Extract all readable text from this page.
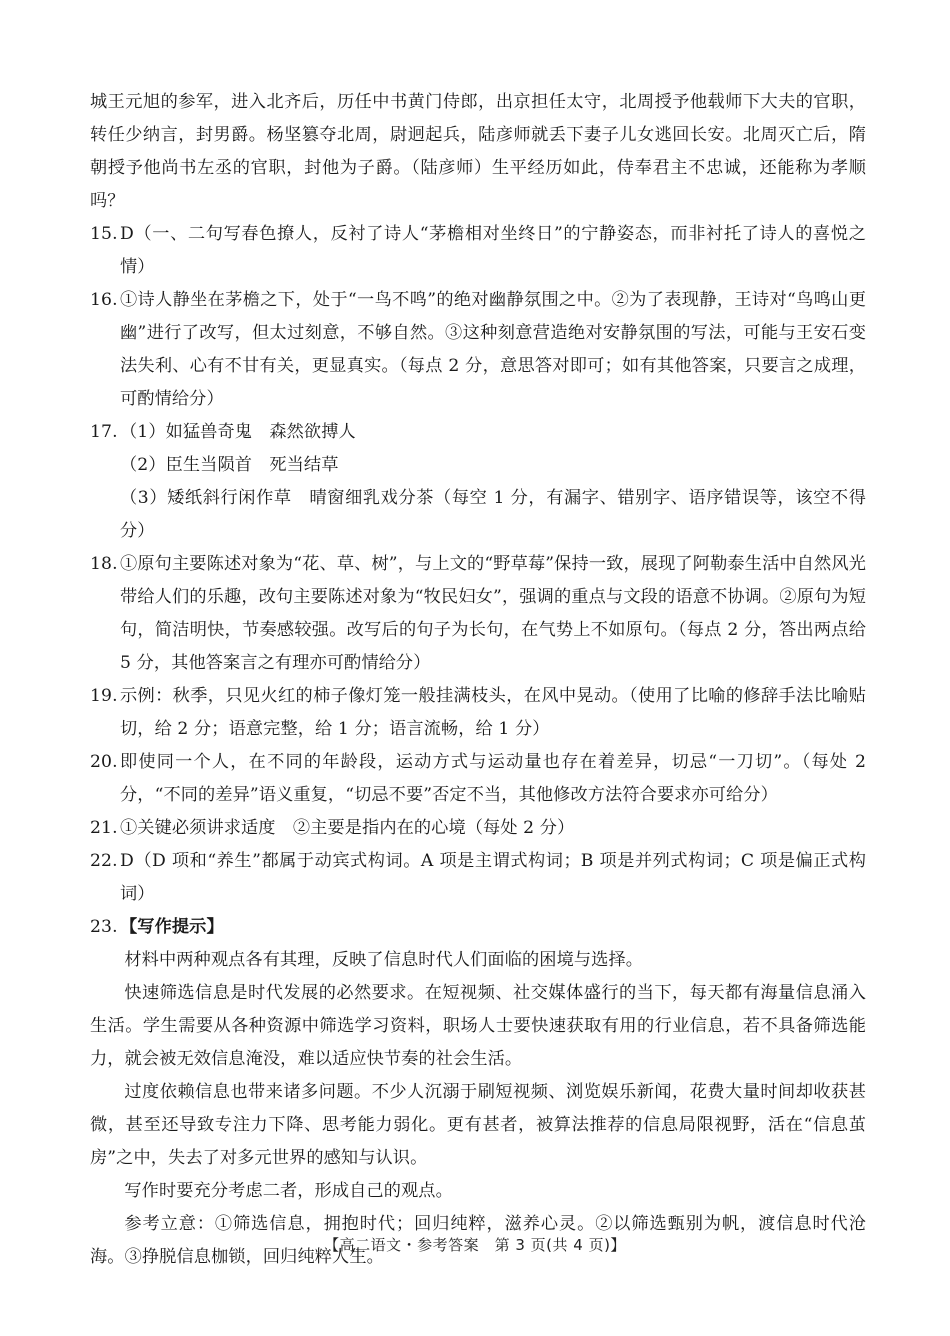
城王元旭的参军，进入北齐后，历任中书黄门侍郎，出京担任太守，北周授予他载师下大夫的官职，转任少纳言，封男爵。杨坚篡夺北周，尉迥起兵，陆彦师就丢下妻子儿女逃回长安。北周灭亡后，隋朝授予他尚书左丞的官职，封他为子爵。（陆彦师）生平经历如此，侍奉君主不忠诚，还能称为孝顺吗？

15. D（一、二句写春色撩人，反衬了诗人“茅檐相对坐终日”的宁静姿态，而非衬托了诗人的喜悦之情）
16. ①诗人静坐在茅檐之下，处于“一鸟不鸣”的绝对幽静氛围之中。②为了表现静，王诗对“鸟鸣山更幽”进行了改写，但太过刻意，不够自然。③这种刻意营造绝对安静氛围的写法，可能与王安石变法失利、心有不甘有关，更显真实。（每点 2 分，意思答对即可；如有其他答案，只要言之成理，可酌情给分）
17. （1）如猛兽奇鬼　森然欲搏人
（2）臣生当陨首　死当结草
（3）矮纸斜行闲作草　晴窗细乳戏分茶（每空 1 分，有漏字、错别字、语序错误等，该空不得分）
18. ①原句主要陈述对象为“花、草、树”，与上文的“野草莓”保持一致，展现了阿勒泰生活中自然风光带给人们的乐趣，改句主要陈述对象为“牧民妇女”，强调的重点与文段的语意不协调。②原句为短句，简洁明快，节奏感较强。改写后的句子为长句，在气势上不如原句。（每点 2 分，答出两点给 5 分，其他答案言之有理亦可酌情给分）
19. 示例：秋季，只见火红的柿子像灯笼一般挂满枝头，在风中晃动。（使用了比喻的修辞手法比喻贴切，给 2 分；语意完整，给 1 分；语言流畅，给 1 分）
20. 即使同一个人，在不同的年龄段，运动方式与运动量也存在着差异，切忌“一刀切”。（每处 2 分，“不同的差异”语义重复，“切忌不要”否定不当，其他修改方法符合要求亦可给分）
21. ①关键必须讲求适度　②主要是指内在的心境（每处 2 分）
22. D（D 项和“养生”都属于动宾式构词。A 项是主谓式构词；B 项是并列式构词；C 项是偏正式构词）
23. 【写作提示】

材料中两种观点各有其理，反映了信息时代人们面临的困境与选择。

快速筛选信息是时代发展的必然要求。在短视频、社交媒体盛行的当下，每天都有海量信息涌入生活。学生需要从各种资源中筛选学习资料，职场人士要快速获取有用的行业信息，若不具备筛选能力，就会被无效信息淹没，难以适应快节奏的社会生活。

过度依赖信息也带来诸多问题。不少人沉溺于刷短视频、浏览娱乐新闻，花费大量时间却收获甚微，甚至还导致专注力下降、思考能力弱化。更有甚者，被算法推荐的信息局限视野，活在“信息茧房”之中，失去了对多元世界的感知与认识。

写作时要充分考虑二者，形成自己的观点。

参考立意：①筛选信息，拥抱时代；回归纯粹，滋养心灵。②以筛选甄别为帆，渡信息时代沧海。③挣脱信息枷锁，回归纯粹人生。

【高二语文・参考答案　第 3 页(共 4 页)】
